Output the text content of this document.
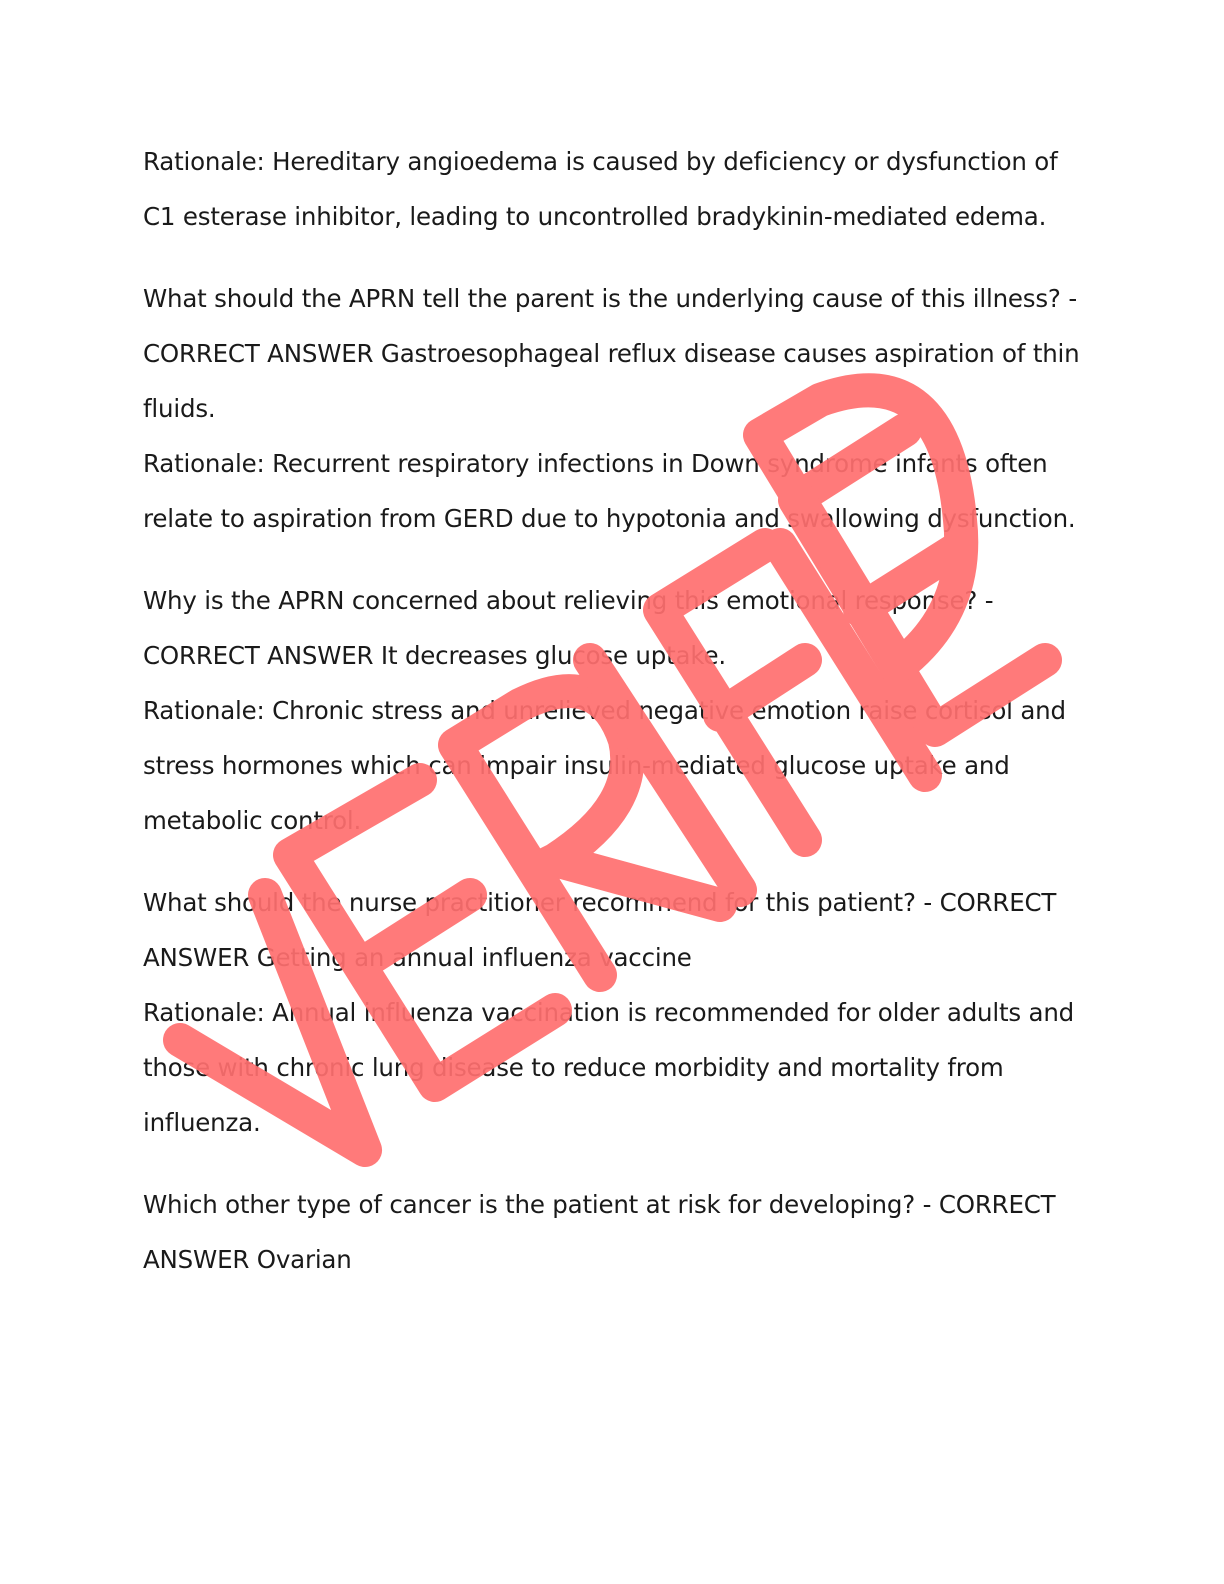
Rationale: Hereditary angioedema is caused by deficiency or dysfunction of C1 esterase inhibitor, leading to uncontrolled bradykinin-mediated edema.

What should the APRN tell the parent is the underlying cause of this illness? - CORRECT ANSWER Gastroesophageal reflux disease causes aspiration of thin fluids.

Rationale: Recurrent respiratory infections in Down syndrome infants often relate to aspiration from GERD due to hypotonia and swallowing dysfunction.

Why is the APRN concerned about relieving this emotional response? - CORRECT ANSWER It decreases glucose uptake.

Rationale: Chronic stress and unrelieved negative emotion raise cortisol and stress hormones which can impair insulin-mediated glucose uptake and metabolic control.

What should the nurse practitioner recommend for this patient? - CORRECT ANSWER Getting an annual influenza vaccine

Rationale: Annual influenza vaccination is recommended for older adults and those with chronic lung disease to reduce morbidity and mortality from influenza.

Which other type of cancer is the patient at risk for developing? - CORRECT ANSWER Ovarian
